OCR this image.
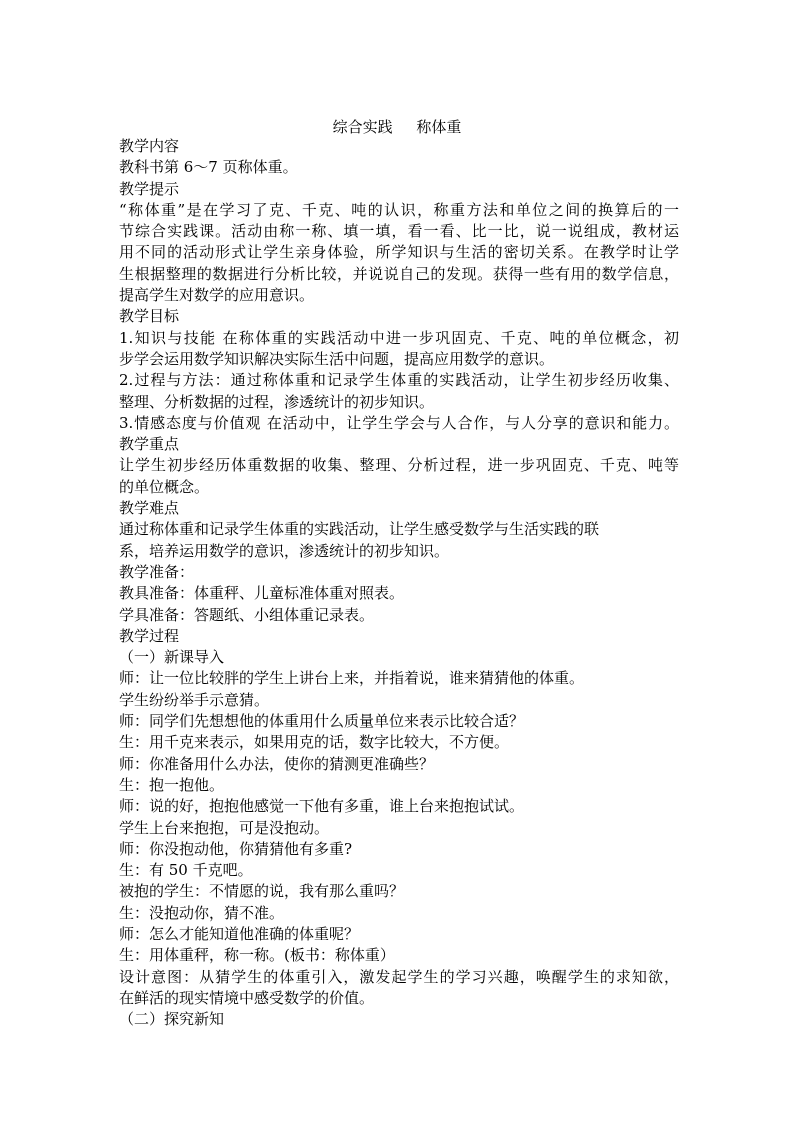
综合实践     称体重
教学内容
教科书第 6～7 页称体重。
教学提示
“称体重”是在学习了克、千克、吨的认识，称重方法和单位之间的换算后的一
节综合实践课。活动由称一称、填一填，看一看、比一比，说一说组成，教材运
用不同的活动形式让学生亲身体验，所学知识与生活的密切关系。在教学时让学
生根据整理的数据进行分析比较，并说说自己的发现。获得一些有用的数学信息，
提高学生对数学的应用意识。
教学目标
1.知识与技能 在称体重的实践活动中进一步巩固克、千克、吨的单位概念，初
步学会运用数学知识解决实际生活中问题，提高应用数学的意识。
2.过程与方法：通过称体重和记录学生体重的实践活动，让学生初步经历收集、
整理、分析数据的过程，渗透统计的初步知识。
3.情感态度与价值观 在活动中，让学生学会与人合作，与人分享的意识和能力。
教学重点
让学生初步经历体重数据的收集、整理、分析过程，进一步巩固克、千克、吨等
的单位概念。
教学难点
通过称体重和记录学生体重的实践活动，让学生感受数学与生活实践的联
系，培养运用数学的意识，渗透统计的初步知识。
教学准备：
教具准备：体重秤、儿童标准体重对照表。
学具准备：答题纸、小组体重记录表。
教学过程
（一）新课导入
师：让一位比较胖的学生上讲台上来，并指着说，谁来猜猜他的体重。
学生纷纷举手示意猜。
师：同学们先想想他的体重用什么质量单位来表示比较合适？
生：用千克来表示，如果用克的话，数字比较大，不方便。
师：你准备用什么办法，使你的猜测更准确些？
生：抱一抱他。
师：说的好，抱抱他感觉一下他有多重，谁上台来抱抱试试。
学生上台来抱抱，可是没抱动。
师：你没抱动他，你猜猜他有多重?
生：有 50 千克吧。
被抱的学生：不情愿的说，我有那么重吗？
生：没抱动你，猜不准。
师：怎么才能知道他准确的体重呢？
生：用体重秤，称一称。(板书：称体重）
设计意图：从猜学生的体重引入，激发起学生的学习兴趣，唤醒学生的求知欲，
在鲜活的现实情境中感受数学的价值。
（二）探究新知
